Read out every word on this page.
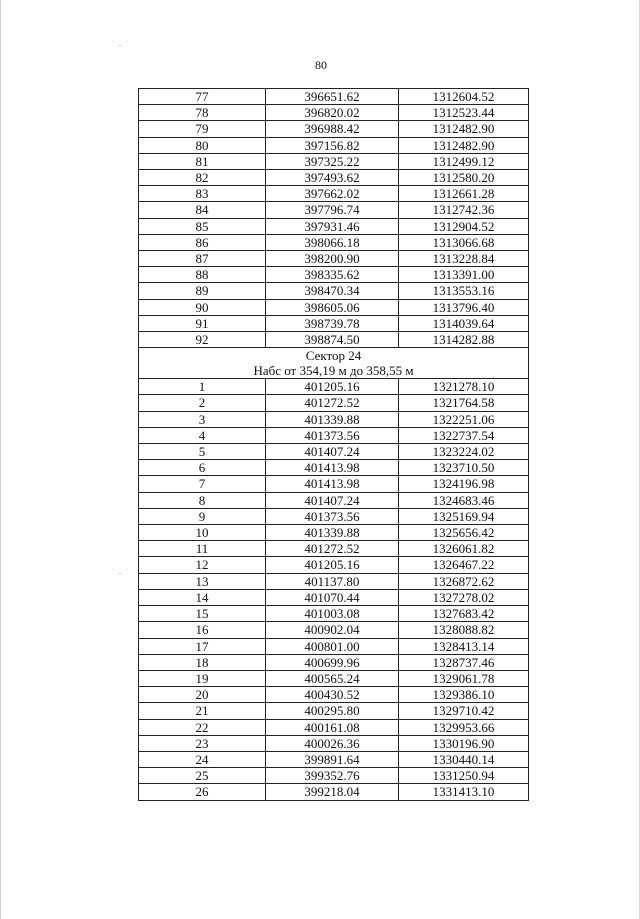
80
77	396651.62	1312604.52
78	396820.02	1312523.44
79	396988.42	1312482.90
80	397156.82	1312482.90
81	397325.22	1312499.12
82	397493.62	1312580.20
83	397662.02	1312661.28
84	397796.74	1312742.36
85	397931.46	1312904.52
86	398066.18	1313066.68
87	398200.90	1313228.84
88	398335.62	1313391.00
89	398470.34	1313553.16
90	398605.06	1313796.40
91	398739.78	1314039.64
92	398874.50	1314282.88

Сектор 24
Набс от 354,19 м до 358,55 м		

1	401205.16	1321278.10
2	401272.52	1321764.58
3	401339.88	1322251.06
4	401373.56	1322737.54
5	401407.24	1323224.02
6	401413.98	1323710.50
7	401413.98	1324196.98
8	401407.24	1324683.46
9	401373.56	1325169.94
10	401339.88	1325656.42
11	401272.52	1326061.82
12	401205.16	1326467.22
13	401137.80	1326872.62
14	401070.44	1327278.02
15	401003.08	1327683.42
16	400902.04	1328088.82
17	400801.00	1328413.14
18	400699.96	1328737.46
19	400565.24	1329061.78
20	400430.52	1329386.10
21	400295.80	1329710.42
22	400161.08	1329953.66
23	400026.36	1330196.90
24	399891.64	1330440.14
25	399352.76	1331250.94
26	399218.04	1331413.10
